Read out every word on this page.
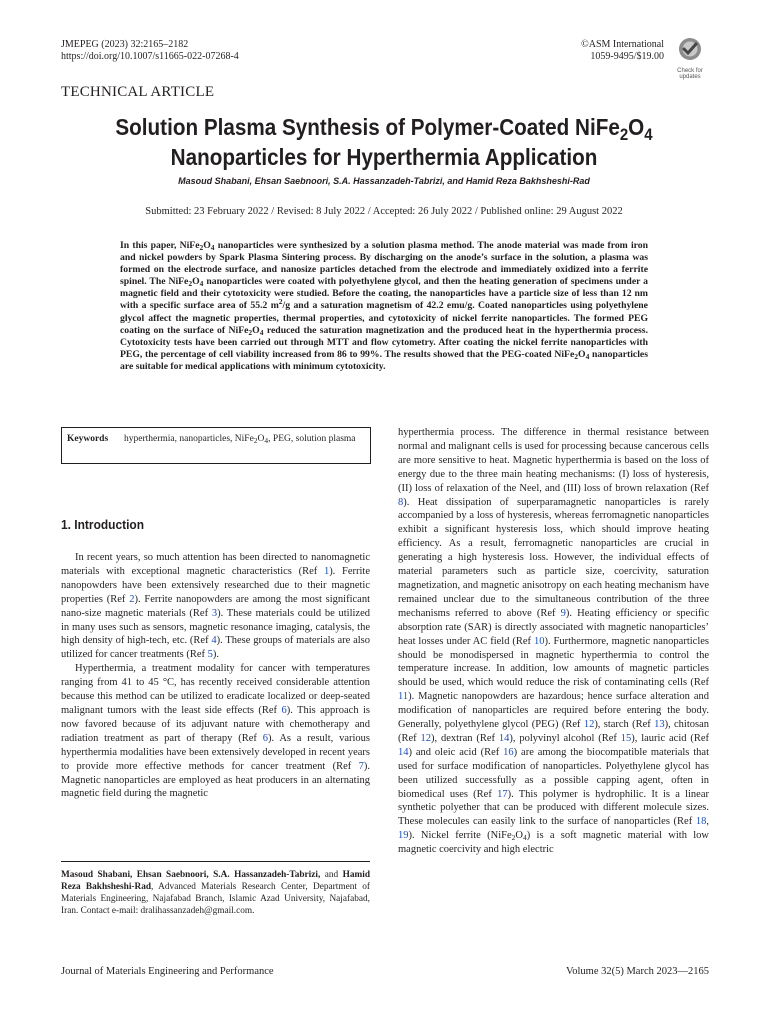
JMEPEG (2023) 32:2165–2182
https://doi.org/10.1007/s11665-022-07268-4
©ASM International
1059-9495/$19.00
Check for
updates
TECHNICAL ARTICLE
Solution Plasma Synthesis of Polymer-Coated $NiFe_2O_4$
Nanoparticles for Hyperthermia Application
Masoud Shabani, Ehsan Saebnoori, S.A. Hassanzadeh-Tabrizi, and Hamid Reza Bakhsheshi-Rad
Submitted: 23 February 2022 / Revised: 8 July 2022 / Accepted: 26 July 2022 / Published online: 29 August 2022
In this paper, $NiFe_2O_4$ nanoparticles were synthesized by a solution plasma method. The anode material was made from iron and nickel powders by Spark Plasma Sintering process. By discharging on the anode’s surface in the solution, a plasma was formed on the electrode surface, and nanosize particles detached from the electrode and immediately oxidized into a ferrite spinel. The $NiFe_2O_4$ nanoparticles were coated with polyethylene glycol, and then the heating generation of specimens under a magnetic field and their cytotoxicity were studied. Before the coating, the nanoparticles have a particle size of less than 12 nm with a specific surface area of 55.2 $m^2/g$ and a saturation magnetism of 42.2 emu/g. Coated nanoparticles using polyethylene glycol affect the magnetic properties, thermal properties, and cytotoxicity of nickel ferrite nanoparticles. The formed PEG coating on the surface of $NiFe_2O_4$ reduced the saturation magnetization and the produced heat in the hyperthermia process. Cytotoxicity tests have been carried out through MTT and flow cytometry. After coating the nickel ferrite nanoparticles with PEG, the percentage of cell viability increased from 86 to 99%. The results showed that the PEG-coated $NiFe_2O_4$ nanoparticles are suitable for medical applications with minimum cytotoxicity.
Keywords hyperthermia, nanoparticles, $NiFe_2O_4$, PEG, solution plasma
1. Introduction

In recent years, so much attention has been directed to nanomagnetic materials with exceptional magnetic characteristics (Ref 1). Ferrite nanopowders have been extensively researched due to their magnetic properties (Ref 2). Ferrite nanopowders are among the most significant nano-size magnetic materials (Ref 3). These materials could be utilized in many uses such as sensors, magnetic resonance imaging, catalysis, the high density of high-tech, etc. (Ref 4). These groups of materials are also utilized for cancer treatments (Ref 5).

Hyperthermia, a treatment modality for cancer with temperatures ranging from 41 to 45 °C, has recently received considerable attention because this method can be utilized to eradicate localized or deep-seated malignant tumors with the least side effects (Ref 6). This approach is now favored because of its adjuvant nature with chemotherapy and radiation treatment as part of therapy (Ref 6). As a result, various hyperthermia modalities have been extensively developed in recent years to provide more effective methods for cancer treatment (Ref 7). Magnetic nanoparticles are employed as heat producers in an alternating magnetic field during the magnetic

Masoud Shabani, Ehsan Saebnoori, S.A. Hassanzadeh-Tabrizi, and Hamid Reza Bakhsheshi-Rad, Advanced Materials Research Center, Department of Materials Engineering, Najafabad Branch, Islamic Azad University, Najafabad, Iran. Contact e-mail: dralihassanzadeh@gmail.com.

hyperthermia process. The difference in thermal resistance between normal and malignant cells is used for processing because cancerous cells are more sensitive to heat. Magnetic hyperthermia is based on the loss of energy due to the three main heating mechanisms: (I) loss of hysteresis, (II) loss of relaxation of the Neel, and (III) loss of brown relaxation (Ref 8). Heat dissipation of superparamagnetic nanoparticles is rarely accompanied by a loss of hysteresis, whereas ferromagnetic nanoparticles exhibit a significant hysteresis loss, which should improve heating efficiency. As a result, ferromagnetic nanoparticles are crucial in generating a high hysteresis loss. However, the individual effects of material parameters such as particle size, coercivity, saturation magnetization, and magnetic anisotropy on each heating mechanism have remained unclear due to the simultaneous contribution of the three mechanisms referred to above (Ref 9). Heating efficiency or specific absorption rate (SAR) is directly associated with magnetic nanoparticles’ heat losses under AC field (Ref 10). Furthermore, magnetic nanoparticles should be monodispersed in magnetic hyperthermia to control the temperature increase. In addition, low amounts of magnetic particles should be used, which would reduce the risk of contaminating cells (Ref 11). Magnetic nanopowders are hazardous; hence surface alteration and modification of nanoparticles are required before entering the body. Generally, polyethylene glycol (PEG) (Ref 12), starch (Ref 13), chitosan (Ref 12), dextran (Ref 14), polyvinyl alcohol (Ref 15), lauric acid (Ref 14) and oleic acid (Ref 16) are among the biocompatible materials that used for surface modification of nanoparticles. Polyethylene glycol has been utilized successfully as a possible capping agent, often in biomedical uses (Ref 17). This polymer is hydrophilic. It is a linear synthetic polyether that can be produced with different molecule sizes. These molecules can easily link to the surface of nanoparticles (Ref 18, 19). Nickel ferrite (NiFe2O4) is a soft magnetic material with low magnetic coercivity and high electric

Journal of Materials Engineering and Performance	Volume 32(5) March 2023—2165
